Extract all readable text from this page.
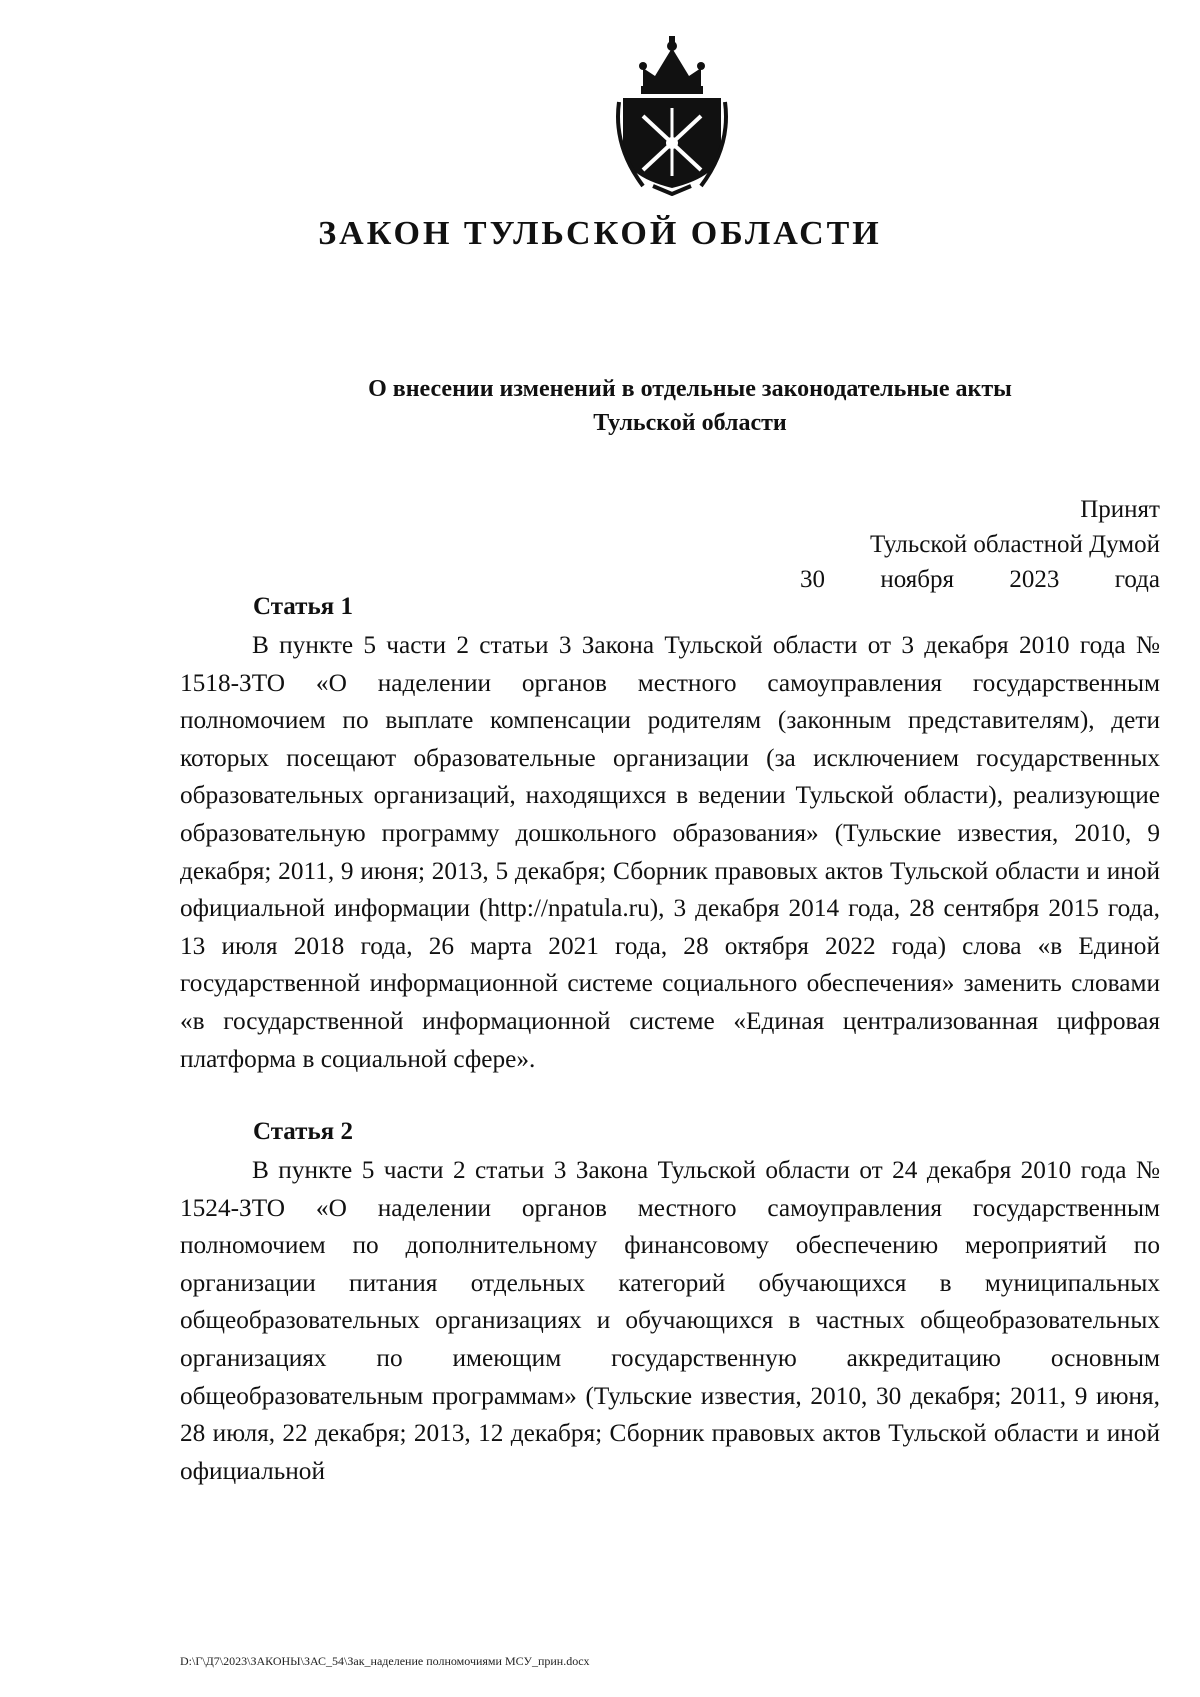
ЗАКОН ТУЛЬСКОЙ ОБЛАСТИ
О внесении изменений в отдельные законодательные акты
Тульской области
Принят
Тульской областной Думой
30 ноября 2023 года
Статья 1
В пункте 5 части 2 статьи 3 Закона Тульской области от 3 декабря 2010 года № 1518-ЗТО «О наделении органов местного самоуправления государственным полномочием по выплате компенсации родителям (законным представителям), дети которых посещают образовательные организации (за исключением государственных образовательных организаций, находящихся в ведении Тульской области), реализующие образовательную программу дошкольного образования» (Тульские известия, 2010, 9 декабря; 2011, 9 июня; 2013, 5 декабря; Сборник правовых актов Тульской области и иной официальной информации (http://npatula.ru), 3 декабря 2014 года, 28 сентября 2015 года, 13 июля 2018 года, 26 марта 2021 года, 28 октября 2022 года) слова «в Единой государственной информационной системе социального обеспечения» заменить словами «в государственной информационной системе «Единая централизованная цифровая платформа в социальной сфере».
Статья 2
В пункте 5 части 2 статьи 3 Закона Тульской области от 24 декабря 2010 года № 1524-ЗТО «О наделении органов местного самоуправления государственным полномочием по дополнительному финансовому обеспечению мероприятий по организации питания отдельных категорий обучающихся в муниципальных общеобразовательных организациях и обучающихся в частных общеобразовательных организациях по имеющим государственную аккредитацию основным общеобразовательным программам» (Тульские известия, 2010, 30 декабря; 2011, 9 июня, 28 июля, 22 декабря; 2013, 12 декабря; Сборник правовых актов Тульской области и иной официальной
D:\Г\Д7\2023\ЗАКОНЫ\ЗАС_54\Зак_наделение полномочиями МСУ_прин.docx
